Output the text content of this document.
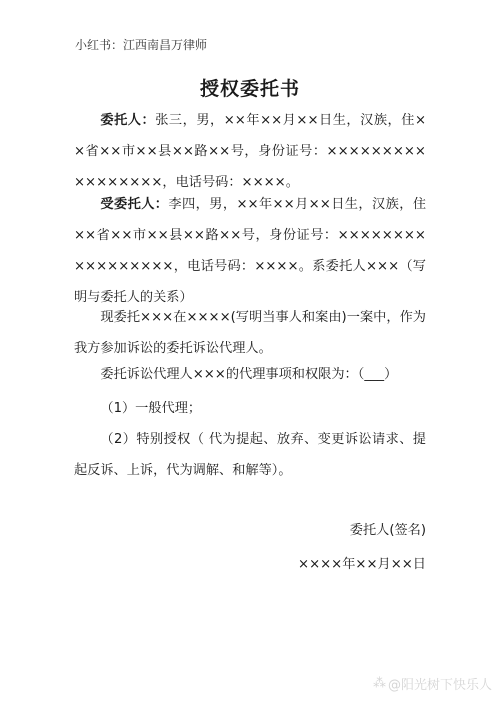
小红书：江西南昌万律师
授权委托书
委托人：张三，男，××年××月××日生，汉族，住××省××市××县××路××号，身份证号：×××××××××××××××××，电话号码：××××。
受委托人：李四，男，××年××月××日生，汉族，住××省××市××县××路××号，身份证号：×××××××××××××××××，电话号码：××××。系委托人×××（写明与委托人的关系）
现委托×××在××××(写明当事人和案由)一案中，作为我方参加诉讼的委托诉讼代理人。
委托诉讼代理人×××的代理事项和权限为：（___）
（1）一般代理；
（2）特别授权（ 代为提起、放弃、变更诉讼请求、提起反诉、上诉，代为调解、和解等）。
委托人(签名)
××××年××月××日
⁂ @阳光树下快乐人
